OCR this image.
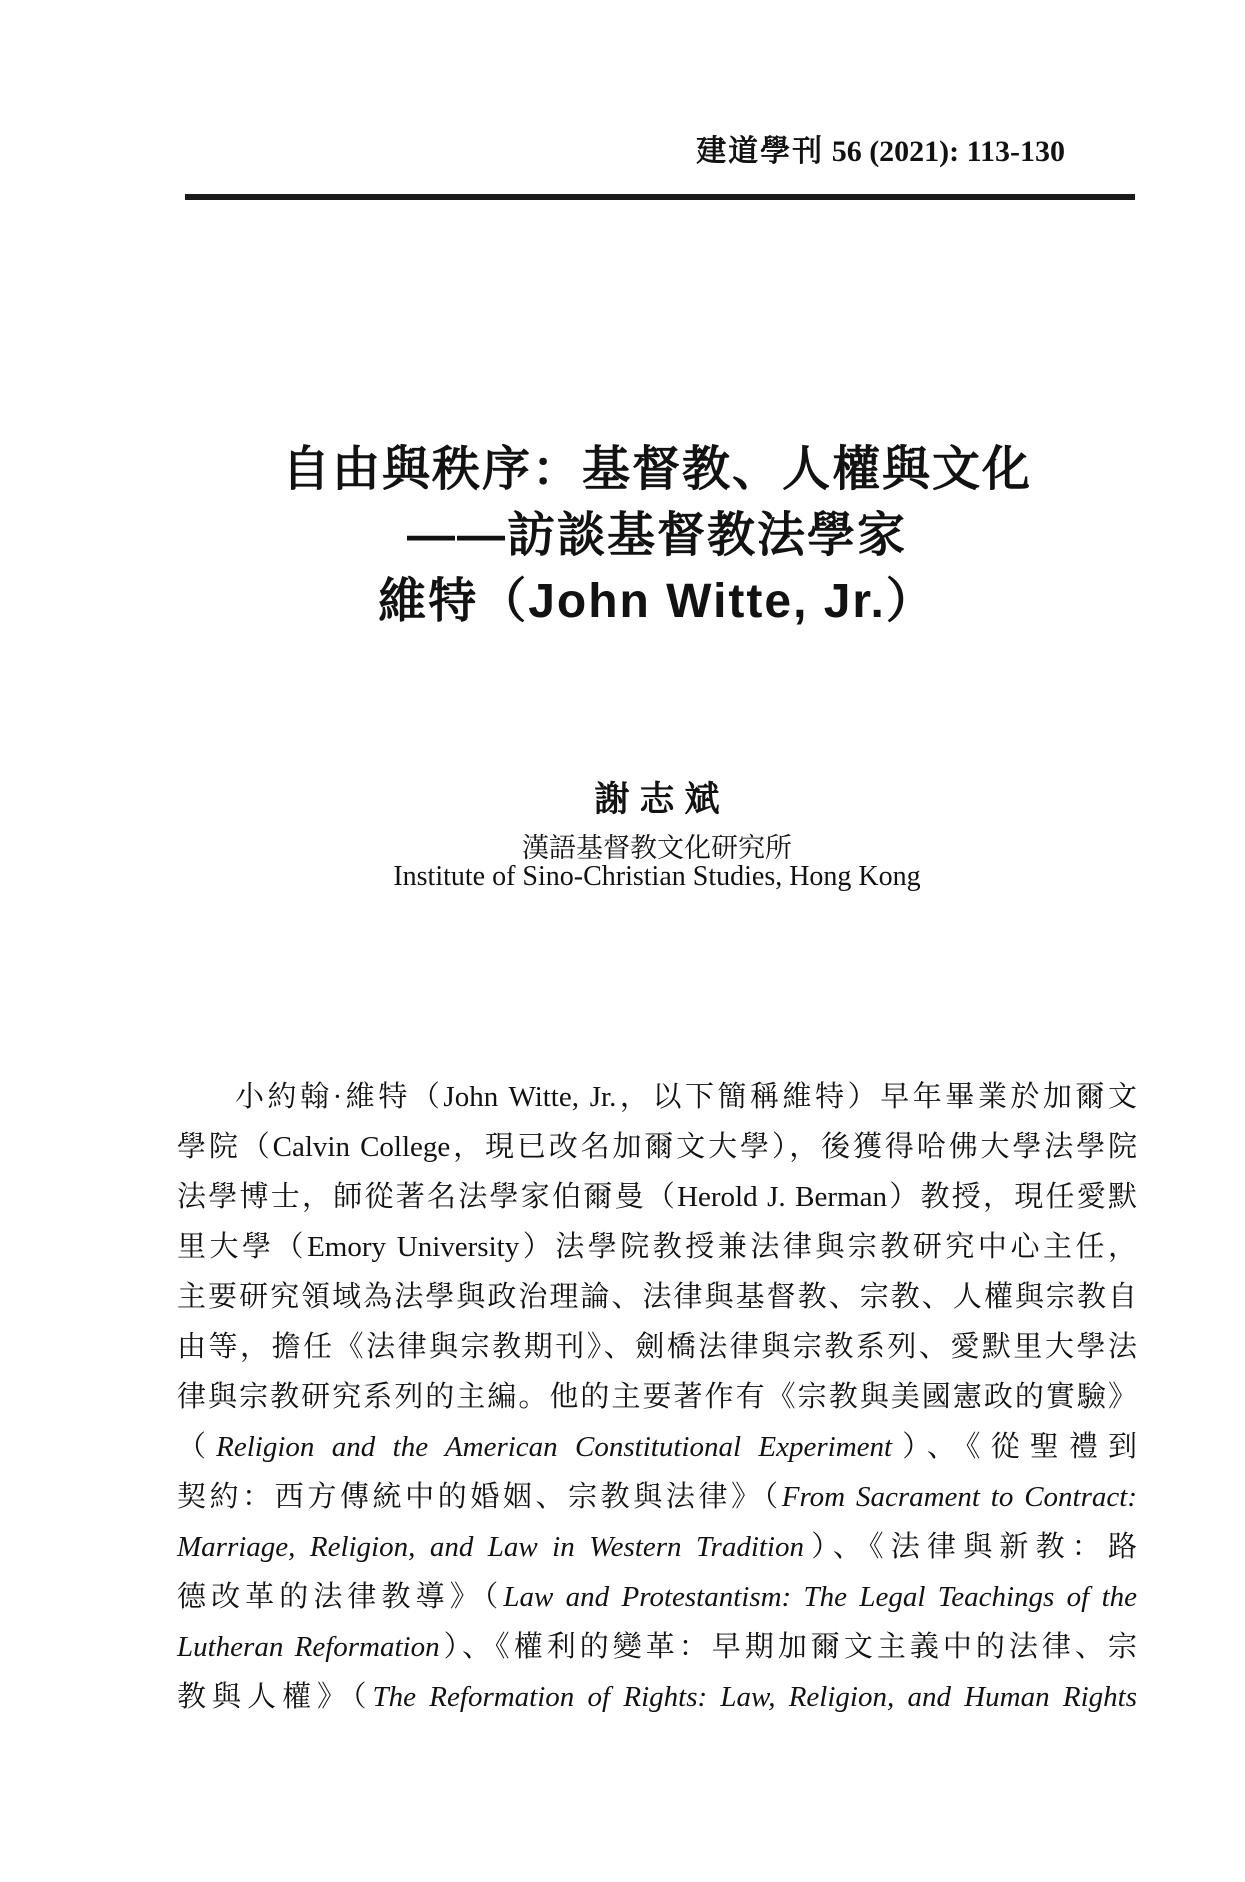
建道學刊 56 (2021): 113-130
自由與秩序：基督教、人權與文化
——訪談基督教法學家
維特（John Witte, Jr.）
謝志斌
漢語基督教文化研究所
Institute of Sino-Christian Studies, Hong Kong
小約翰·維特（John Witte, Jr.，以下簡稱維特）早年畢業於加爾文
學院（Calvin College，現已改名加爾文大學），後獲得哈佛大學法學院
法學博士，師從著名法學家伯爾曼（Herold J. Berman）教授，現任愛默
里大學（Emory University）法學院教授兼法律與宗教研究中心主任，
主要研究領域為法學與政治理論、法律與基督教、宗教、人權與宗教自
由等，擔任《法律與宗教期刊》、劍橋法律與宗教系列、愛默里大學法
律與宗教研究系列的主編。他的主要著作有《宗教與美國憲政的實驗》
（Religion and the American Constitutional Experiment）、《從聖禮到
契約：西方傳統中的婚姻、宗教與法律》（From Sacrament to Contract:
Marriage, Religion, and Law in Western Tradition）、《法律與新教：路
德改革的法律教導》（Law and Protestantism: The Legal Teachings of the
Lutheran Reformation）、《權利的變革：早期加爾文主義中的法律、宗
教與人權》（The Reformation of Rights: Law, Religion, and Human Rights
